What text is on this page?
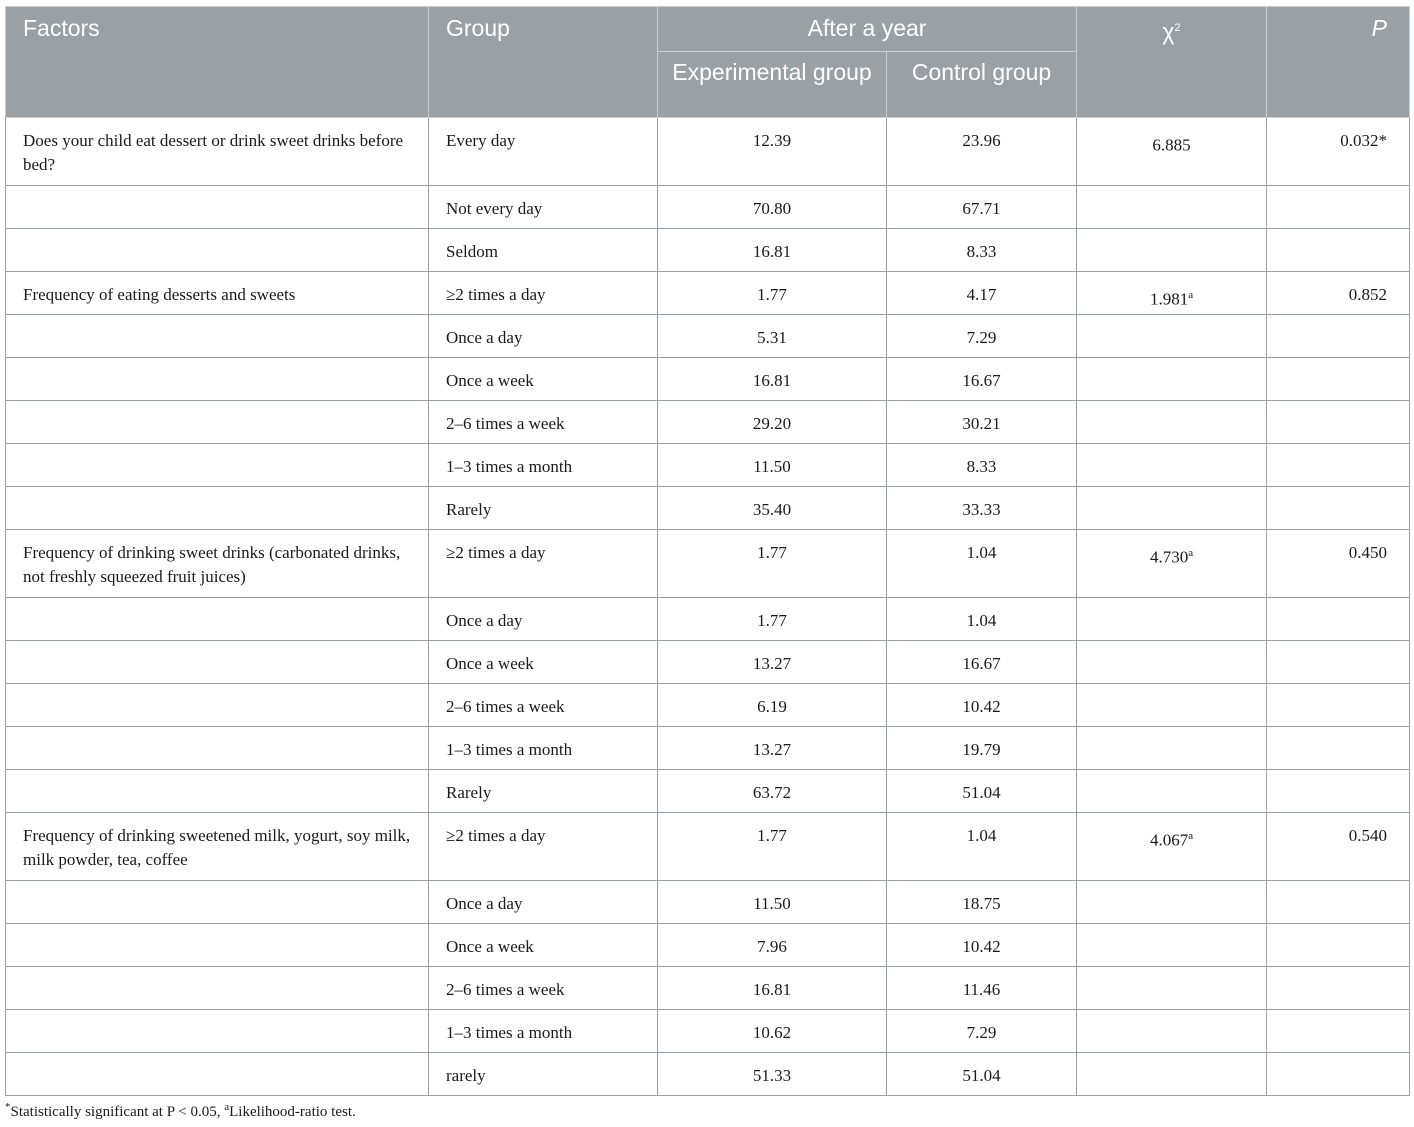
Factors	Group	After a year		$\chi^2$	P
		Experimental group	Control group		
Does your child eat dessert or drink sweet drinks before bed?	Every day	12.39	23.96	6.885	0.032*
	Not every day	70.80	67.71		
	Seldom	16.81	8.33		
Frequency of eating desserts and sweets	≥2 times a day	1.77	4.17	1.981$^a$	0.852
	Once a day	5.31	7.29		
	Once a week	16.81	16.67		
	2–6 times a week	29.20	30.21		
	1–3 times a month	11.50	8.33		
	Rarely	35.40	33.33		
Frequency of drinking sweet drinks (carbonated drinks, not freshly squeezed fruit juices)	≥2 times a day	1.77	1.04	4.730$^a$	0.450
	Once a day	1.77	1.04		
	Once a week	13.27	16.67		
	2–6 times a week	6.19	10.42		
	1–3 times a month	13.27	19.79		
	Rarely	63.72	51.04		
Frequency of drinking sweetened milk, yogurt, soy milk, milk powder, tea, coffee	≥2 times a day	1.77	1.04	4.067$^a$	0.540
	Once a day	11.50	18.75		
	Once a week	7.96	10.42		
	2–6 times a week	16.81	11.46		
	1–3 times a month	10.62	7.29		
	rarely	51.33	51.04		
*Statistically significant at P < 0.05, $^a$Likelihood-ratio test.
